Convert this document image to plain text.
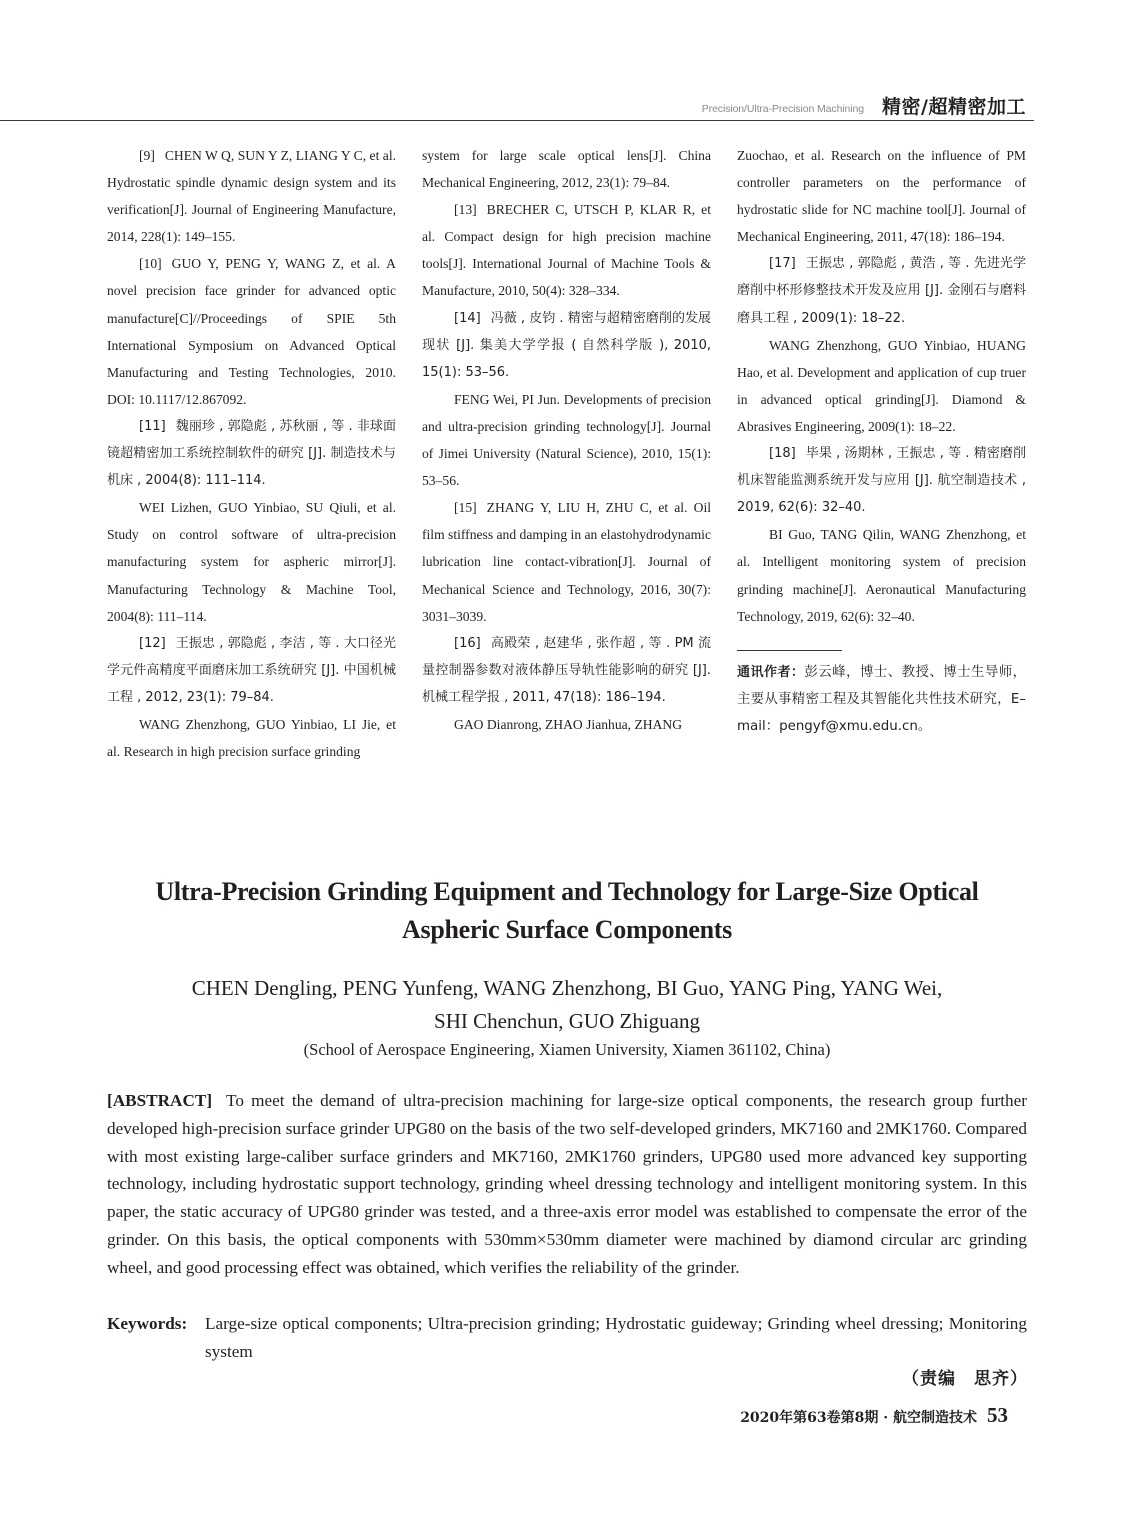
Precision/Ultra-Precision Machining 精密/超精密加工

[9] CHEN W Q, SUN Y Z, LIANG Y C, et al. Hydrostatic spindle dynamic design system and its verification[J]. Journal of Engineering Manufacture, 2014, 228(1): 149–155.

[10] GUO Y, PENG Y, WANG Z, et al. A novel precision face grinder for advanced optic manufacture[C]//Proceedings of SPIE 5th International Symposium on Advanced Optical Manufacturing and Testing Technologies, 2010. DOI: 10.1117/12.867092.

[11] 魏丽珍 , 郭隐彪 , 苏秋丽 , 等 . 非球面镜超精密加工系统控制软件的研究 [J]. 制造技术与机床 , 2004(8): 111–114.

WEI Lizhen, GUO Yinbiao, SU Qiuli, et al. Study on control software of ultra-precision manufacturing system for aspheric mirror[J]. Manufacturing Technology & Machine Tool, 2004(8): 111–114.

[12] 王振忠 , 郭隐彪 , 李洁 , 等 . 大口径光学元件高精度平面磨床加工系统研究 [J]. 中国机械工程 , 2012, 23(1): 79–84.

WANG Zhenzhong, GUO Yinbiao, LI Jie, et al. Research in high precision surface grinding

system for large scale optical lens[J]. China Mechanical Engineering, 2012, 23(1): 79–84.

[13] BRECHER C, UTSCH P, KLAR R, et al. Compact design for high precision machine tools[J]. International Journal of Machine Tools & Manufacture, 2010, 50(4): 328–334.

[14] 冯薇 , 皮钧 . 精密与超精密磨削的发展现状 [J]. 集美大学学报 ( 自然科学版 ), 2010, 15(1): 53–56.

FENG Wei, PI Jun. Developments of precision and ultra-precision grinding technology[J]. Journal of Jimei University (Natural Science), 2010, 15(1): 53–56.

[15] ZHANG Y, LIU H, ZHU C, et al. Oil film stiffness and damping in an elastohydrodynamic lubrication line contact-vibration[J]. Journal of Mechanical Science and Technology, 2016, 30(7): 3031–3039.

[16] 高殿荣 , 赵建华 , 张作超 , 等 . PM 流量控制器参数对液体静压导轨性能影响的研究 [J]. 机械工程学报 , 2011, 47(18): 186–194.

GAO Dianrong, ZHAO Jianhua, ZHANG

Zuochao, et al. Research on the influence of PM controller parameters on the performance of hydrostatic slide for NC machine tool[J]. Journal of Mechanical Engineering, 2011, 47(18): 186–194.

[17] 王振忠 , 郭隐彪 , 黄浩 , 等 . 先进光学磨削中杯形修整技术开发及应用 [J]. 金刚石与磨料磨具工程 , 2009(1): 18–22.

WANG Zhenzhong, GUO Yinbiao, HUANG Hao, et al. Development and application of cup truer in advanced optical grinding[J]. Diamond & Abrasives Engineering, 2009(1): 18–22.

[18] 毕果 , 汤期林 , 王振忠 , 等 . 精密磨削机床智能监测系统开发与应用 [J]. 航空制造技术 , 2019, 62(6): 32–40.

BI Guo, TANG Qilin, WANG Zhenzhong, et al. Intelligent monitoring system of precision grinding machine[J]. Aeronautical Manufacturing Technology, 2019, 62(6): 32–40.

通讯作者：彭云峰，博士、教授、博士生导师，主要从事精密工程及其智能化共性技术研究，E–mail：pengyf@xmu.edu.cn。

Ultra-Precision Grinding Equipment and Technology for Large-Size Optical
Aspheric Surface Components
CHEN Dengling, PENG Yunfeng, WANG Zhenzhong, BI Guo, YANG Ping, YANG Wei,
SHI Chenchun, GUO Zhiguang
(School of Aerospace Engineering, Xiamen University, Xiamen 361102, China)
[ABSTRACT] To meet the demand of ultra-precision machining for large-size optical components, the research group further developed high-precision surface grinder UPG80 on the basis of the two self-developed grinders, MK7160 and 2MK1760. Compared with most existing large-caliber surface grinders and MK7160, 2MK1760 grinders, UPG80 used more advanced key supporting technology, including hydrostatic support technology, grinding wheel dressing technology and intelligent monitoring system. In this paper, the static accuracy of UPG80 grinder was tested, and a three-axis error model was established to compensate the error of the grinder. On this basis, the optical components with 530mm×530mm diameter were machined by diamond circular arc grinding wheel, and good processing effect was obtained, which verifies the reliability of the grinder.
Keywords: Large-size optical components; Ultra-precision grinding; Hydrostatic guideway; Grinding wheel dressing; Monitoring system
（责编　思齐）
2020年第63卷第8期 · 航空制造技术 53
